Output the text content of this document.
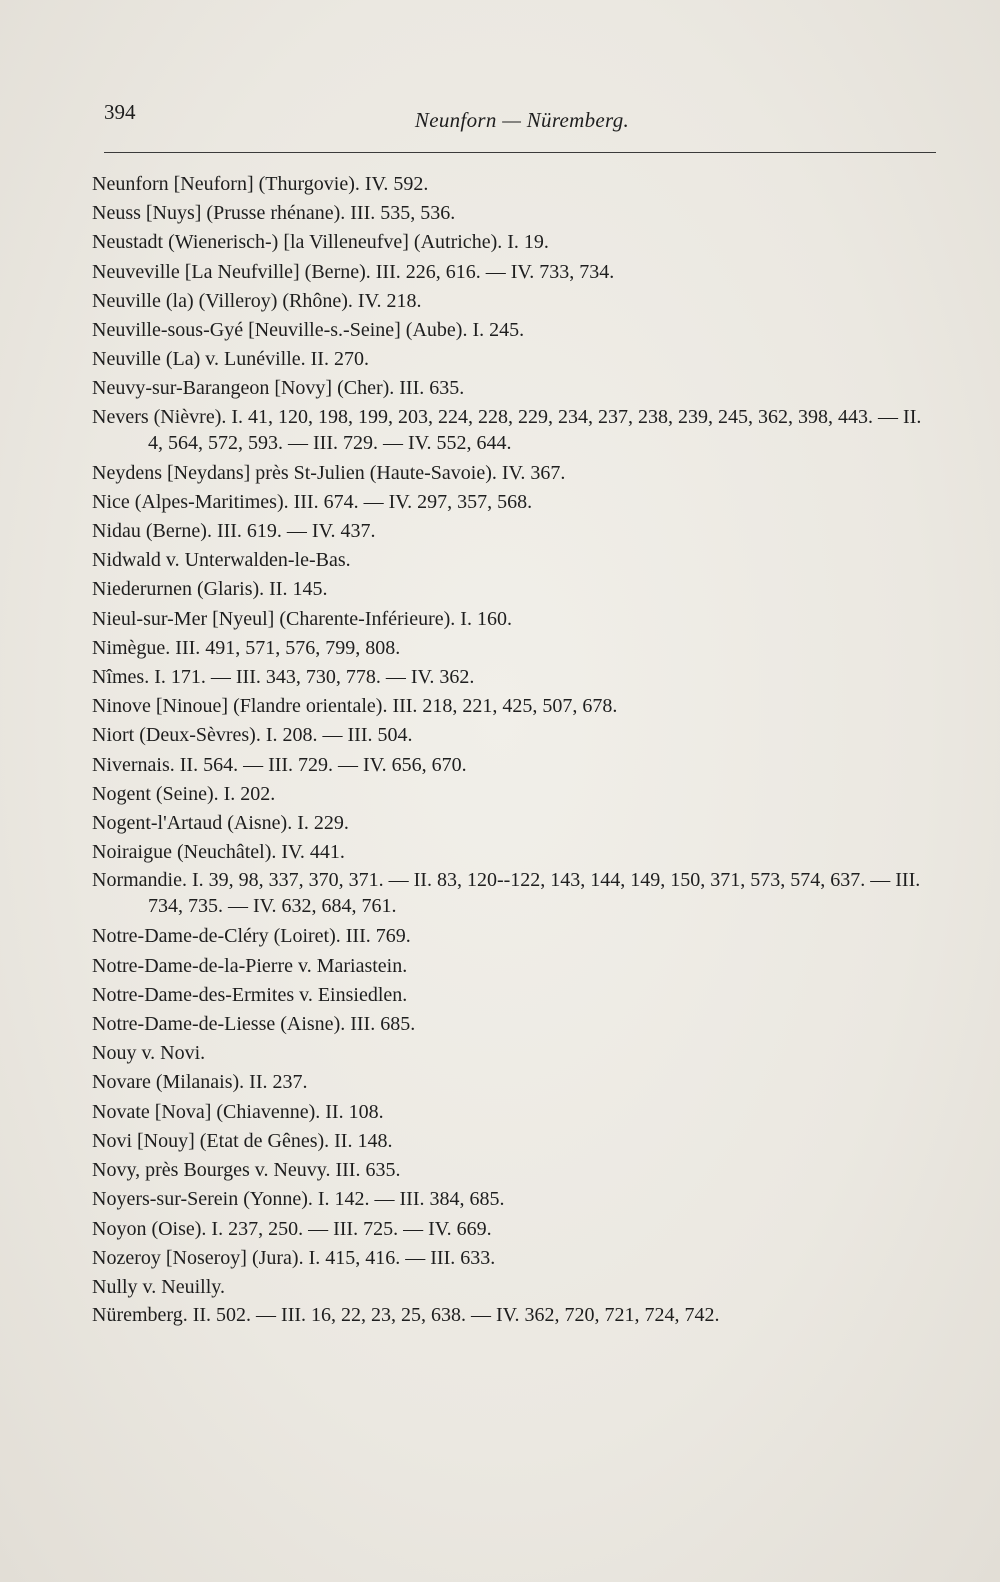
394	Neunforn — Nüremberg.
Neunforn [Neuforn] (Thurgovie). IV. 592.
Neuss [Nuys] (Prusse rhénane). III. 535, 536.
Neustadt (Wienerisch-) [la Villeneufve] (Autriche). I. 19.
Neuveville [La Neufville] (Berne). III. 226, 616. — IV. 733, 734.
Neuville (la) (Villeroy) (Rhône). IV. 218.
Neuville-sous-Gyé [Neuville-s.-Seine] (Aube). I. 245.
Neuville (La) v. Lunéville. II. 270.
Neuvy-sur-Barangeon [Novy] (Cher). III. 635.
Nevers (Nièvre). I. 41, 120, 198, 199, 203, 224, 228, 229, 234, 237, 238, 239, 245, 362, 398, 443. — II. 4, 564, 572, 593. — III. 729. — IV. 552, 644.
Neydens [Neydans] près St-Julien (Haute-Savoie). IV. 367.
Nice (Alpes-Maritimes). III. 674. — IV. 297, 357, 568.
Nidau (Berne). III. 619. — IV. 437.
Nidwald v. Unterwalden-le-Bas.
Niederurnen (Glaris). II. 145.
Nieul-sur-Mer [Nyeul] (Charente-Inférieure). I. 160.
Nimègue. III. 491, 571, 576, 799, 808.
Nîmes. I. 171. — III. 343, 730, 778. — IV. 362.
Ninove [Ninoue] (Flandre orientale). III. 218, 221, 425, 507, 678.
Niort (Deux-Sèvres). I. 208. — III. 504.
Nivernais. II. 564. — III. 729. — IV. 656, 670.
Nogent (Seine). I. 202.
Nogent-l'Artaud (Aisne). I. 229.
Noiraigue (Neuchâtel). IV. 441.
Normandie. I. 39, 98, 337, 370, 371. — II. 83, 120--122, 143, 144, 149, 150, 371, 573, 574, 637. — III. 734, 735. — IV. 632, 684, 761.
Notre-Dame-de-Cléry (Loiret). III. 769.
Notre-Dame-de-la-Pierre v. Mariastein.
Notre-Dame-des-Ermites v. Einsiedlen.
Notre-Dame-de-Liesse (Aisne). III. 685.
Nouy v. Novi.
Novare (Milanais). II. 237.
Novate [Nova] (Chiavenne). II. 108.
Novi [Nouy] (Etat de Gênes). II. 148.
Novy, près Bourges v. Neuvy. III. 635.
Noyers-sur-Serein (Yonne). I. 142. — III. 384, 685.
Noyon (Oise). I. 237, 250. — III. 725. — IV. 669.
Nozeroy [Noseroy] (Jura). I. 415, 416. — III. 633.
Nully v. Neuilly.
Nüremberg. II. 502. — III. 16, 22, 23, 25, 638. — IV. 362, 720, 721, 724, 742.
